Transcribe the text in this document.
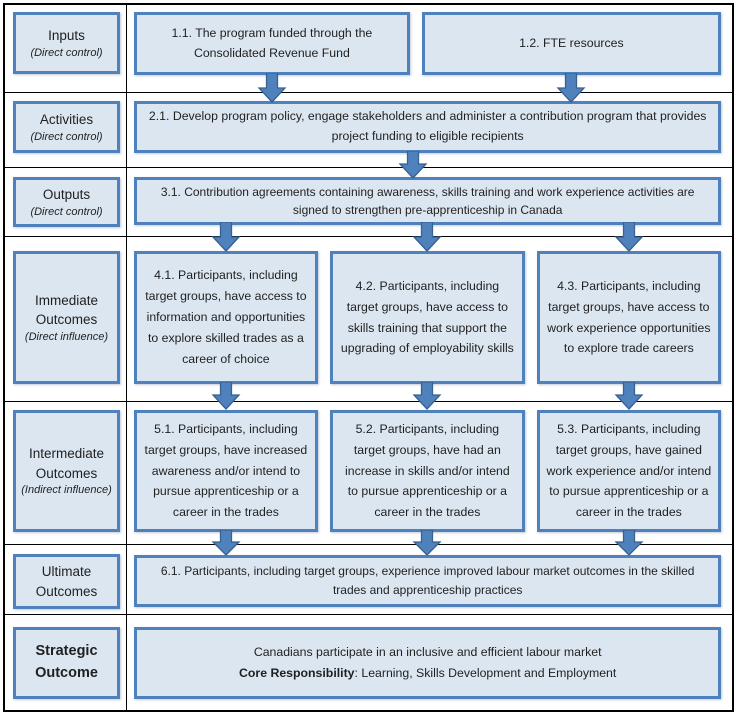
Inputs
(Direct control)
1.1. The program funded through the Consolidated Revenue Fund
1.2. FTE resources
Activities
(Direct control)
2.1. Develop program policy, engage stakeholders and administer a contribution program that provides project funding to eligible recipients
Outputs
(Direct control)
3.1. Contribution agreements containing awareness, skills training and work experience activities are signed to strengthen pre-apprenticeship in Canada
Immediate Outcomes
(Direct influence)
4.1. Participants, including target groups, have access to information and opportunities to explore skilled trades as a career of choice
4.2. Participants, including target groups, have access to skills training that support the upgrading of employability skills
4.3. Participants, including target groups, have access to work experience opportunities to explore trade careers
Intermediate Outcomes
(Indirect influence)
5.1. Participants, including target groups, have increased awareness and/or intend to pursue apprenticeship or a career in the trades
5.2. Participants, including target groups, have had an increase in skills and/or intend to pursue apprenticeship or a career in the trades
5.3. Participants, including target groups, have gained work experience and/or intend to pursue apprenticeship or a career in the trades
Ultimate Outcomes
6.1. Participants, including target groups, experience improved labour market outcomes in the skilled trades and apprenticeship practices
Strategic Outcome
Canadians participate in an inclusive and efficient labour market
Core Responsibility: Learning, Skills Development and Employment
